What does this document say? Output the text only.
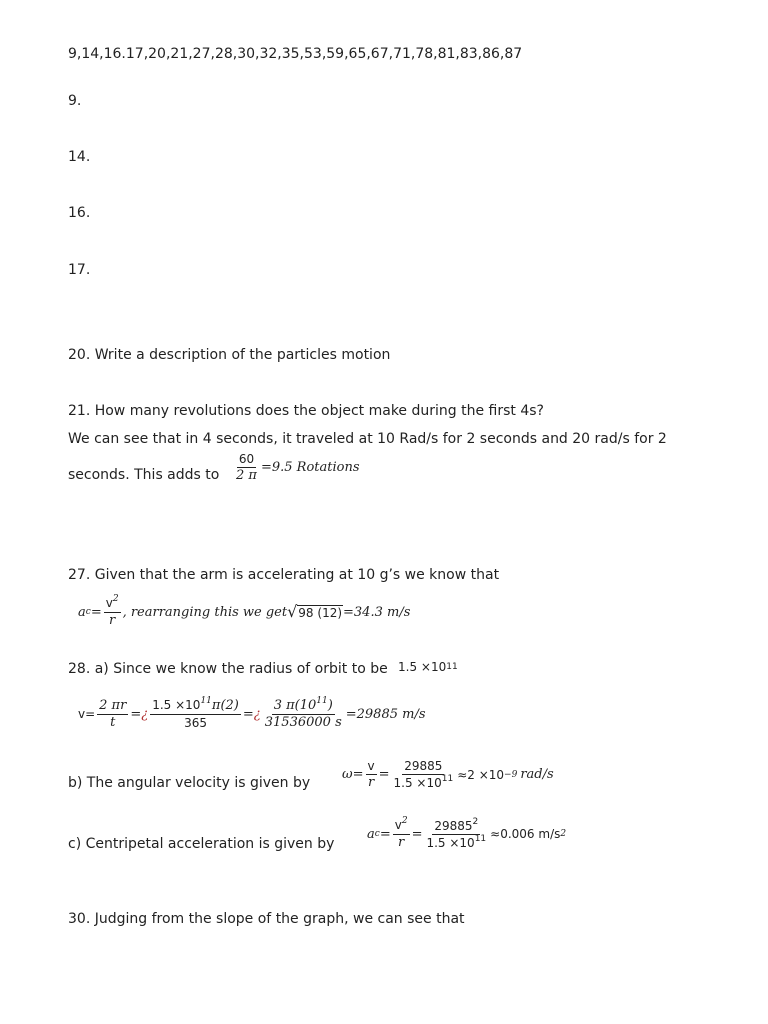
9,14,16.17,20,21,27,28,30,32,35,53,59,65,67,71,78,81,83,86,87
9.
14.
16.
17.
20. Write a description of the particles motion
21. How many revolutions does the object make during the first 4s?
We can see that in 4 seconds, it traveled at 10 Rad/s for 2 seconds and 20 rad/s for 2
seconds. This adds to $\frac{60}{2 \pi} =9.5$ Rotations
27. Given that the arm is accelerating at 10 g’s we know that
a $c = \frac{v^2}{r}$ , rearranging this we get √ 98 (12) =34.3 m/s
28. a) Since we know the radius of orbit to be 1.5 ×10 11
$v= \frac{2 \pi r}{t}$ = ¿ $\frac{1.5 \times 10^{11}\pi(2)}{365}$ = ¿ $\frac{3 \pi(10^{11})}{31536000 s} =29885$ m/s
b) The angular velocity is given by
$\omega= \frac{v}{r} = \frac{29885}{1.5 \times 10^{11}} \approx 2 \times 10 -9$ rad/s
c) Centripetal acceleration is given by
a $c = \frac{v^2}{r} = \frac{29885^2}{1.5 \times 10^{11}} \approx 0.006$ m/s 2
30. Judging from the slope of the graph, we can see that
